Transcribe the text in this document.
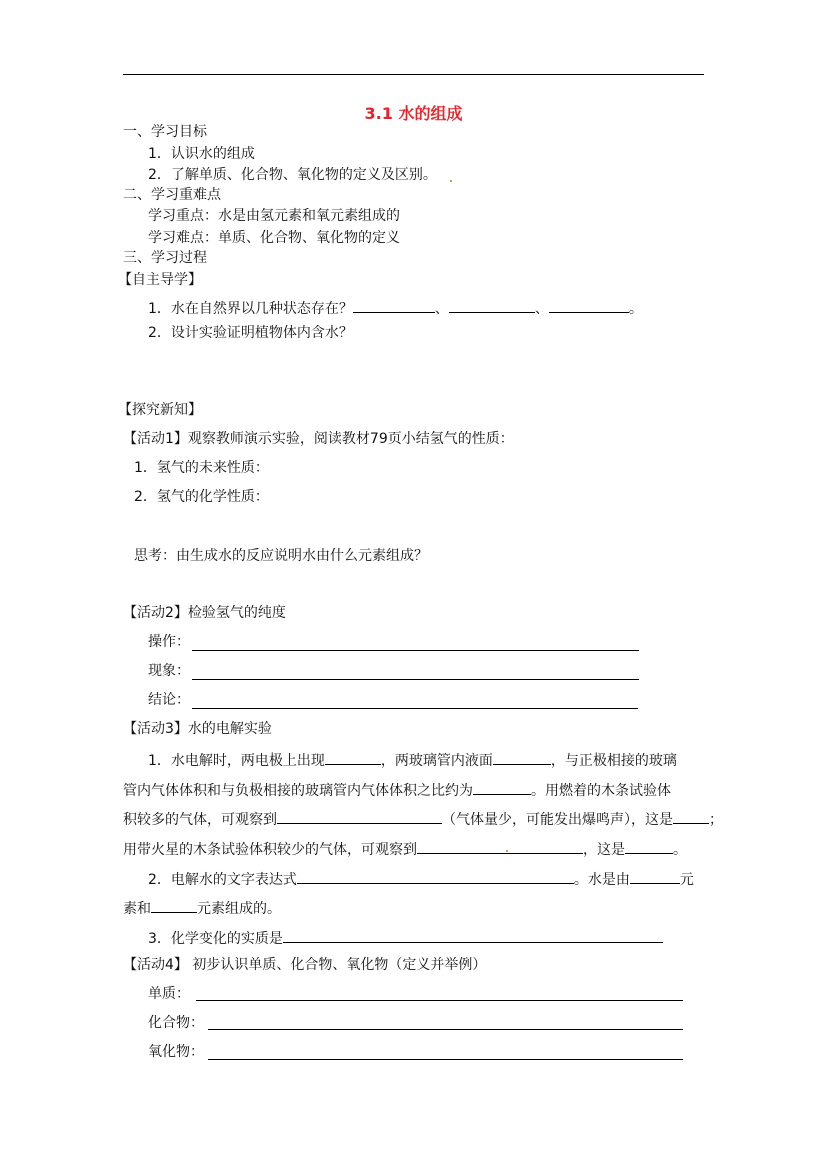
3.1 水的组成
一、学习目标
1．认识水的组成
2．了解单质、化合物、氧化物的定义及区别。
二、学习重难点
学习重点：水是由氢元素和氧元素组成的
学习难点：单质、化合物、氧化物的定义
三、学习过程
【自主导学】
1．水在自然界以几种状态存在？	、	、	。
2．设计实验证明植物体内含水？
【探究新知】
【活动1】观察教师演示实验，阅读教材79页小结氢气的性质：
1．氢气的未来性质：
2．氢气的化学性质：
思考：由生成水的反应说明水由什么元素组成？
【活动2】检验氢气的纯度
操作：
现象：
结论：
【活动3】水的电解实验
1．水电解时，两电极上出现	，两玻璃管内液面	，与正极相接的玻璃
管内气体体积和与负极相接的玻璃管内气体体积之比约为	。用燃着的木条试验体
积较多的气体，可观察到	（气体量少，可能发出爆鸣声），这是	；
用带火星的木条试验体积较少的气体，可观察到	，这是	。
2．电解水的文字表达式	。水是由	元
素和	元素组成的。
3．化学变化的实质是
【活动4】 初步认识单质、化合物、氧化物（定义并举例）
单质：
化合物：
氧化物：
